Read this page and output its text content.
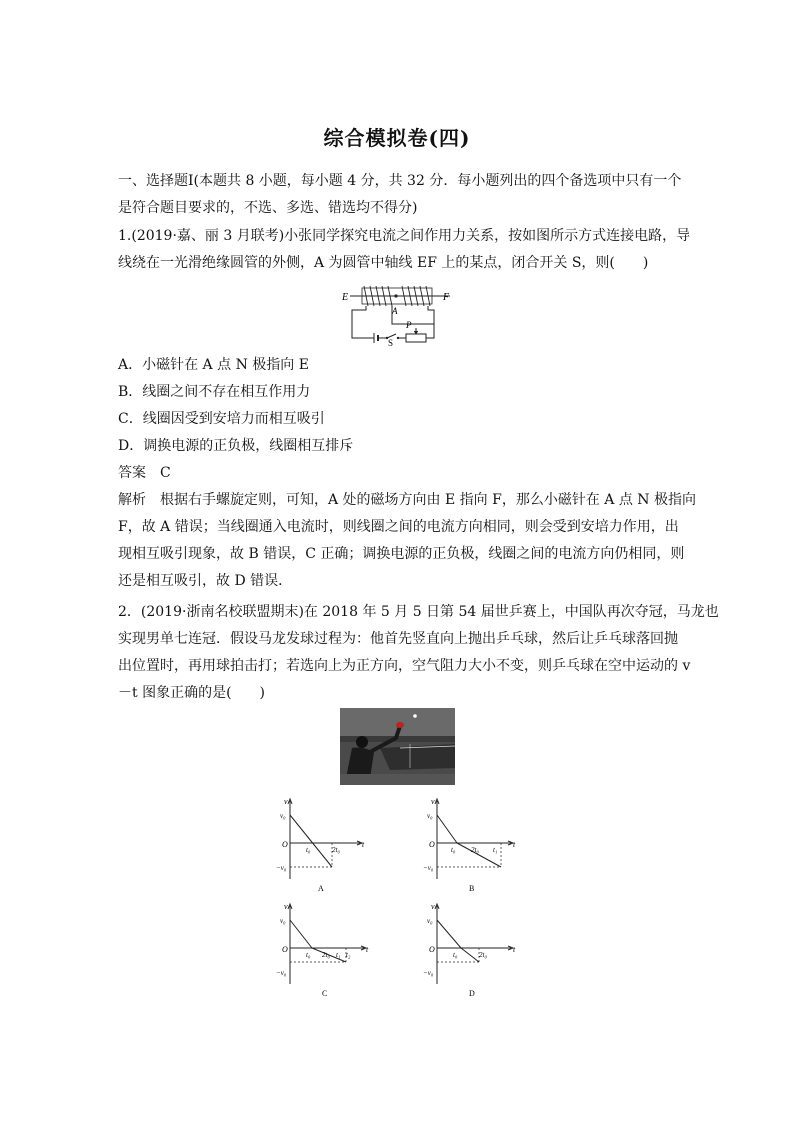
综合模拟卷(四)
一、选择题Ⅰ(本题共 8 小题，每小题 4 分，共 32 分．每小题列出的四个备选项中只有一个
是符合题目要求的，不选、多选、错选均不得分)
1.(2019·嘉、丽 3 月联考)小张同学探究电流之间作用力关系，按如图所示方式连接电路，导
线绕在一光滑绝缘圆管的外侧，A 为圆管中轴线 EF 上的某点，闭合开关 S，则(　　)
E	F
A
S
P
A．小磁针在 A 点 N 极指向 E
B．线圈之间不存在相互作用力
C．线圈因受到安培力而相互吸引
D．调换电源的正负极，线圈相互排斥
答案　C
解析　根据右手螺旋定则，可知，A 处的磁场方向由 E 指向 F，那么小磁针在 A 点 N 极指向
F，故 A 错误；当线圈通入电流时，则线圈之间的电流方向相同，则会受到安培力作用，出
现相互吸引现象，故 B 错误，C 正确；调换电源的正负极，线圈之间的电流方向仍相同，则
还是相互吸引，故 D 错误．
2．(2019·浙南名校联盟期末)在 2018 年 5 月 5 日第 54 届世乒赛上，中国队再次夺冠，马龙也
实现男单七连冠．假设马龙发球过程为：他首先竖直向上抛出乒乓球，然后让乒乓球落回抛
出位置时，再用球拍击打；若选向上为正方向，空气阻力大小不变，则乒乓球在空中运动的 v
－t 图象正确的是(　　)
v
t
O
v₀
−v₀
t₀	2t₀
A
v
t
O
v₀
−v₀
t₀ 2t₀ t₁
B
v
t
O
v₀
−v₀
t₀ 2t₀ t₁ t₂
C
v
t
O
v₀
−v₀
t₀	2t₀
D
